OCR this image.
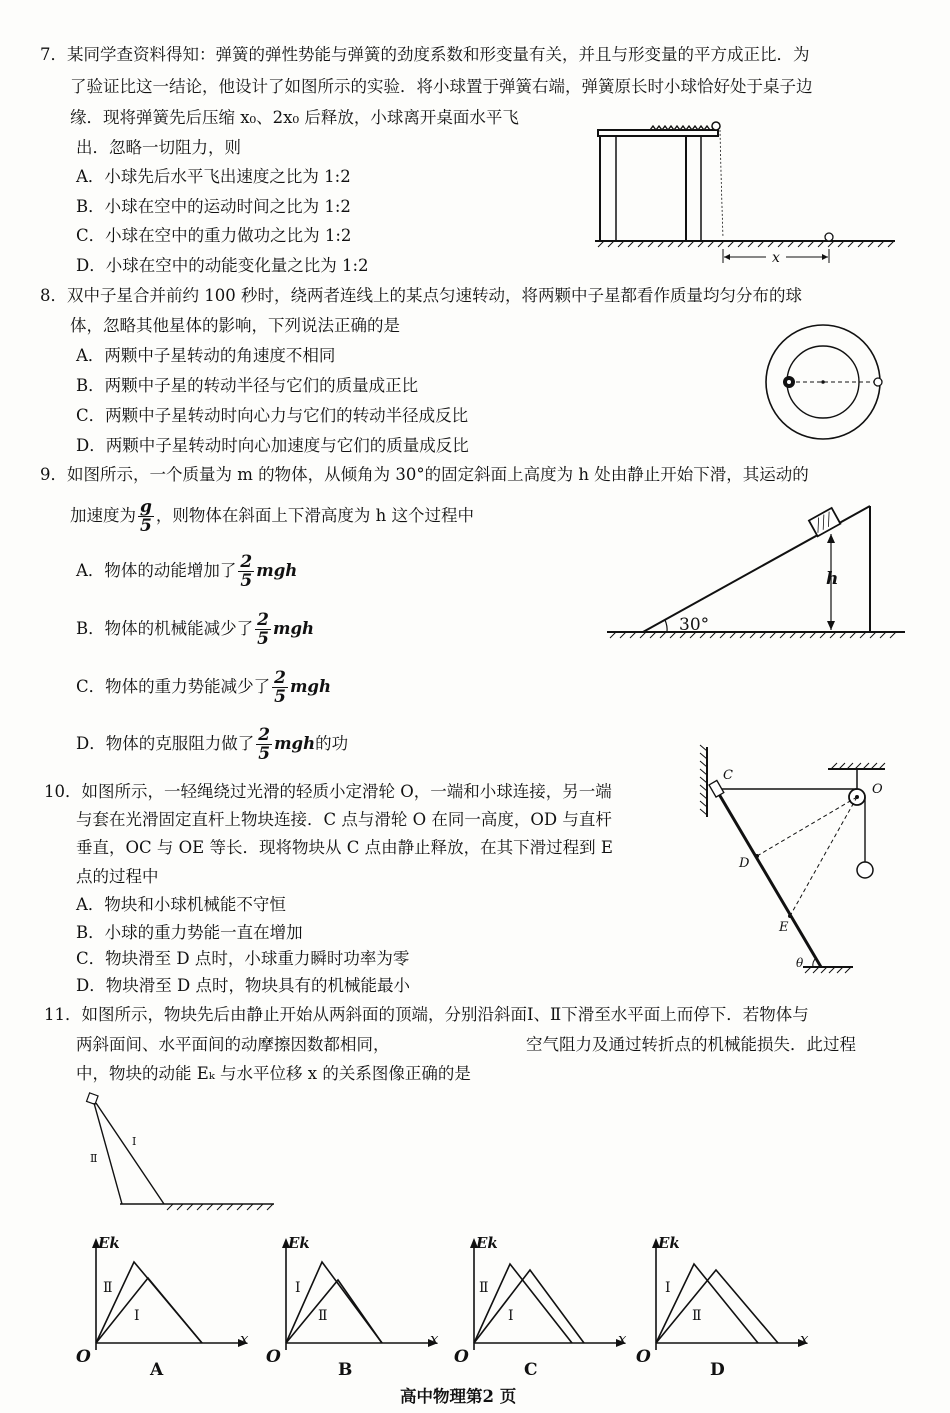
7．某同学查资料得知：弹簧的弹性势能与弹簧的劲度系数和形变量有关，并且与形变量的平方成正比．为
了验证比这一结论，他设计了如图所示的实验．将小球置于弹簧右端，弹簧原长时小球恰好处于桌子边
缘．现将弹簧先后压缩 x₀、2x₀ 后释放，小球离开桌面水平飞
出．忽略一切阻力，则
A．小球先后水平飞出速度之比为 1:2
B．小球在空中的运动时间之比为 1:2
C．小球在空中的重力做功之比为 1:2
D．小球在空中的动能变化量之比为 1:2	x
8．双中子星合并前约 100 秒时，绕两者连线上的某点匀速转动，将两颗中子星都看作质量均匀分布的球
体，忽略其他星体的影响，下列说法正确的是
A．两颗中子星转动的角速度不相同
B．两颗中子星的转动半径与它们的质量成正比
C．两颗中子星转动时向心力与它们的转动半径成反比
D．两颗中子星转动时向心加速度与它们的质量成反比
9．如图所示，一个质量为 m 的物体，从倾角为 30°的固定斜面上高度为 h 处由静止开始下滑，其运动的
加速度为 $\frac{g}{5}$ ，则物体在斜面上下滑高度为 h 这个过程中
A．物体的动能增加了 $\frac{2}{5}$ mgh
B．物体的机械能减少了 $\frac{2}{5}$ mgh
C．物体的重力势能减少了 $\frac{2}{5}$ mgh
D．物体的克服阻力做了 $\frac{2}{5}$ mgh的功
30°
h
10．如图所示，一轻绳绕过光滑的轻质小定滑轮 O，一端和小球连接，另一端
与套在光滑固定直杆上物块连接．C 点与滑轮 O 在同一高度，OD 与直杆
垂直，OC 与 OE 等长．现将物块从 C 点由静止释放，在其下滑过程到 E
点的过程中
A．物块和小球机械能不守恒
B．小球的重力势能一直在增加
C．物块滑至 D 点时，小球重力瞬时功率为零
D．物块滑至 D 点时，物块具有的机械能最小
C
O
D
E
θ
11．如图所示，物块先后由静止开始从两斜面的顶端，分别沿斜面Ⅰ、Ⅱ下滑至水平面上而停下．若物体与
两斜面间、水平面间的动摩擦因数都相同，	空气阻力及通过转折点的机械能损失．此过程
中，物块的动能 Eₖ 与水平位移 x 的关系图像正确的是
Ⅱ
Ⅰ
Ek
x
O
Ⅱ
Ⅰ
A
Ek
x
O
Ⅰ
Ⅱ
B
Ek
x
O
Ⅱ
Ⅰ
C
Ek
x
O
Ⅰ
Ⅱ
D
高中物理第2 页
